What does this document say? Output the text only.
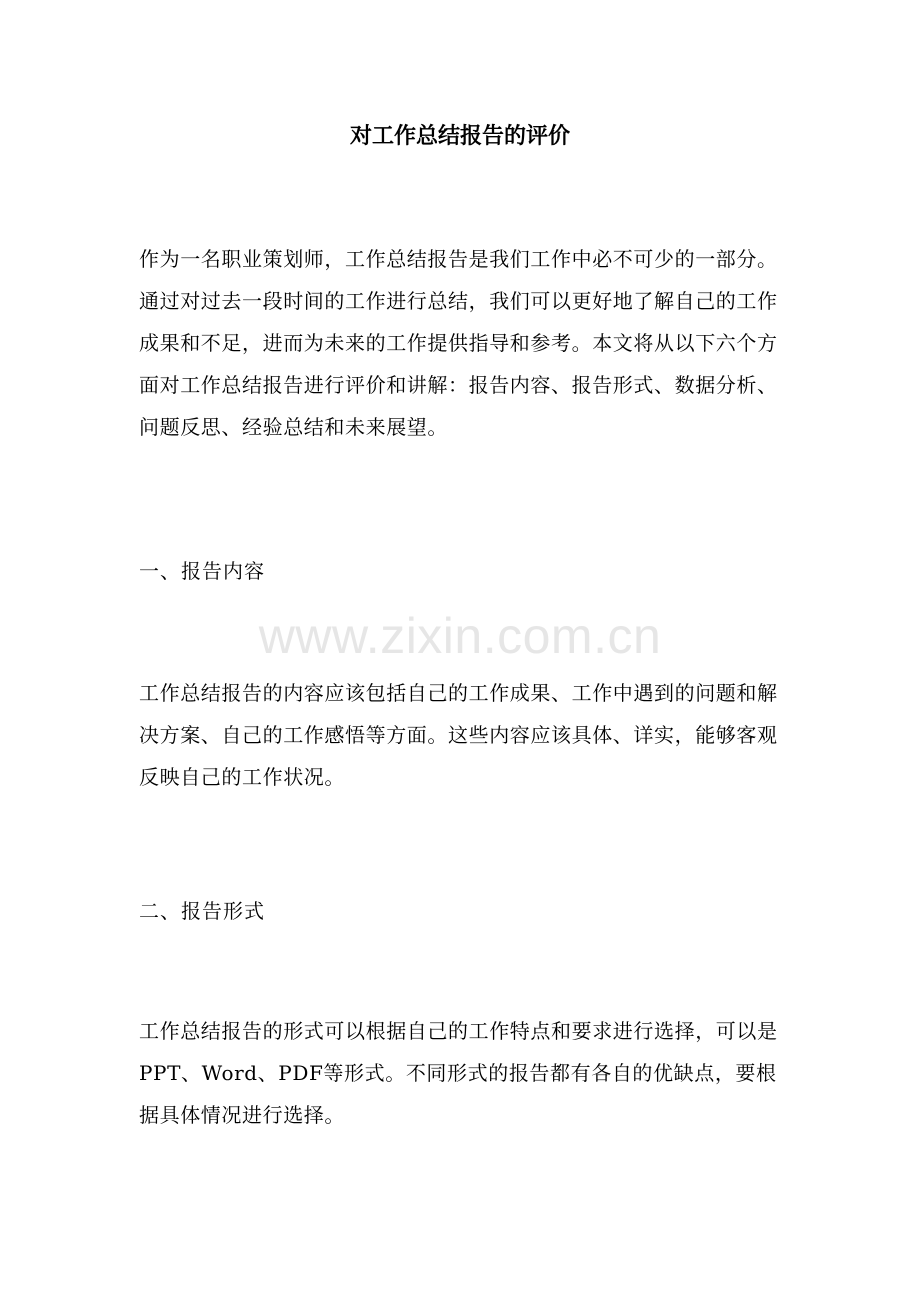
对工作总结报告的评价

作为一名职业策划师，工作总结报告是我们工作中必不可少的一部分。通过对过去一段时间的工作进行总结，我们可以更好地了解自己的工作成果和不足，进而为未来的工作提供指导和参考。本文将从以下六个方面对工作总结报告进行评价和讲解：报告内容、报告形式、数据分析、问题反思、经验总结和未来展望。

一、报告内容

www.zixin.com.cn

工作总结报告的内容应该包括自己的工作成果、工作中遇到的问题和解决方案、自己的工作感悟等方面。这些内容应该具体、详实，能够客观反映自己的工作状况。

二、报告形式

工作总结报告的形式可以根据自己的工作特点和要求进行选择，可以是PPT、Word、PDF等形式。不同形式的报告都有各自的优缺点，要根据具体情况进行选择。
